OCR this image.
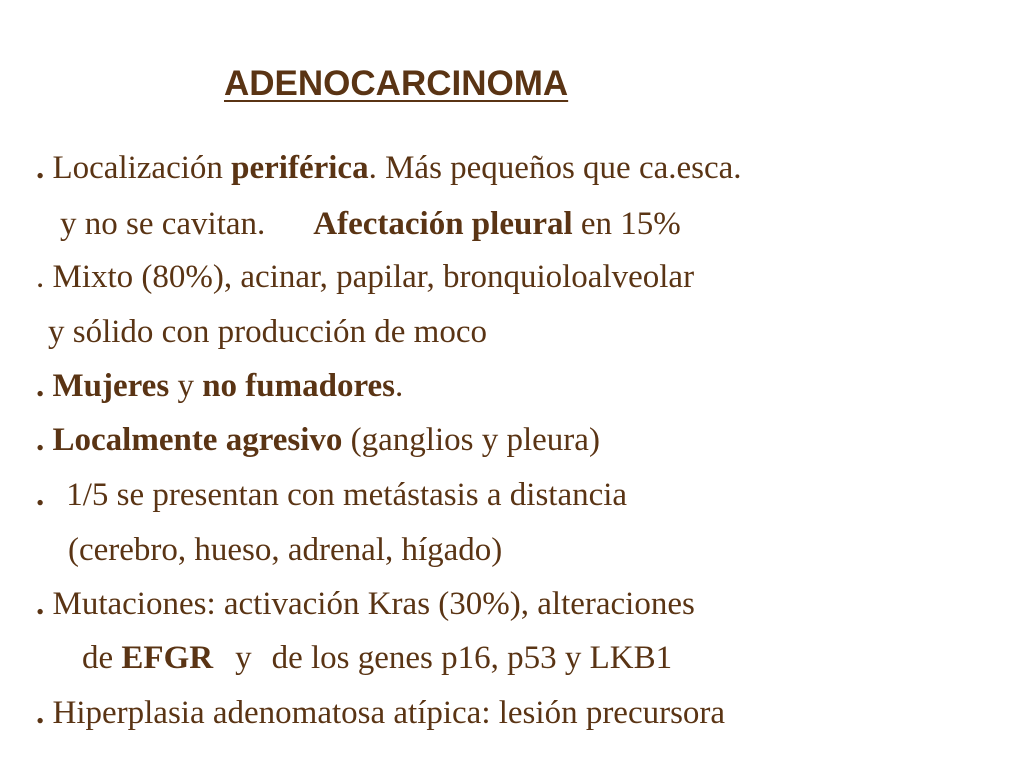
ADENOCARCINOMA

. Localización periférica. Más pequeños que ca.esca.

y no se cavitan. Afectación pleural en 15%

. Mixto (80%), acinar, papilar, bronquioloalveolar

y sólido con producción de moco

. Mujeres y no fumadores.

. Localmente agresivo (ganglios y pleura)

. 1/5 se presentan con metástasis a distancia

(cerebro, hueso, adrenal, hígado)

. Mutaciones: activación Kras (30%), alteraciones

de EFGR y de los genes p16, p53 y LKB1

. Hiperplasia adenomatosa atípica: lesión precursora
